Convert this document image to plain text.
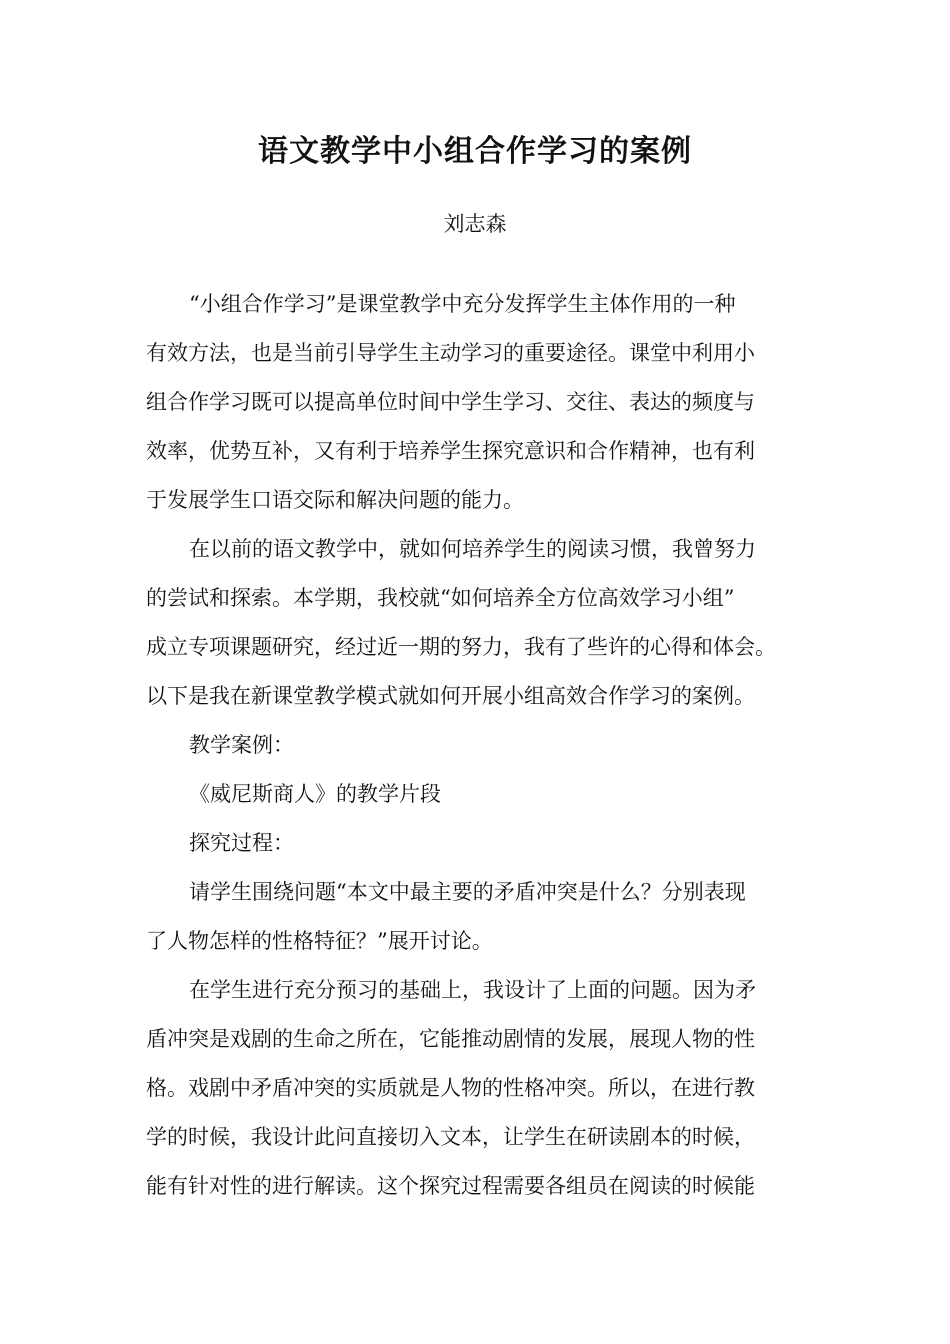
语文教学中小组合作学习的案例
刘志森
“小组合作学习”是课堂教学中充分发挥学生主体作用的一种
有效方法，也是当前引导学生主动学习的重要途径。课堂中利用小
组合作学习既可以提高单位时间中学生学习、交往、表达的频度与
效率，优势互补，又有利于培养学生探究意识和合作精神，也有利
于发展学生口语交际和解决问题的能力。
在以前的语文教学中，就如何培养学生的阅读习惯，我曾努力
的尝试和探索。本学期，我校就“如何培养全方位高效学习小组”
成立专项课题研究，经过近一期的努力，我有了些许的心得和体会。
以下是我在新课堂教学模式就如何开展小组高效合作学习的案例。
教学案例：
《威尼斯商人》的教学片段
探究过程：
请学生围绕问题“本文中最主要的矛盾冲突是什么？分别表现
了人物怎样的性格特征？”展开讨论。
在学生进行充分预习的基础上，我设计了上面的问题。因为矛
盾冲突是戏剧的生命之所在，它能推动剧情的发展，展现人物的性
格。戏剧中矛盾冲突的实质就是人物的性格冲突。所以，在进行教
学的时候，我设计此问直接切入文本，让学生在研读剧本的时候，
能有针对性的进行解读。这个探究过程需要各组员在阅读的时候能
